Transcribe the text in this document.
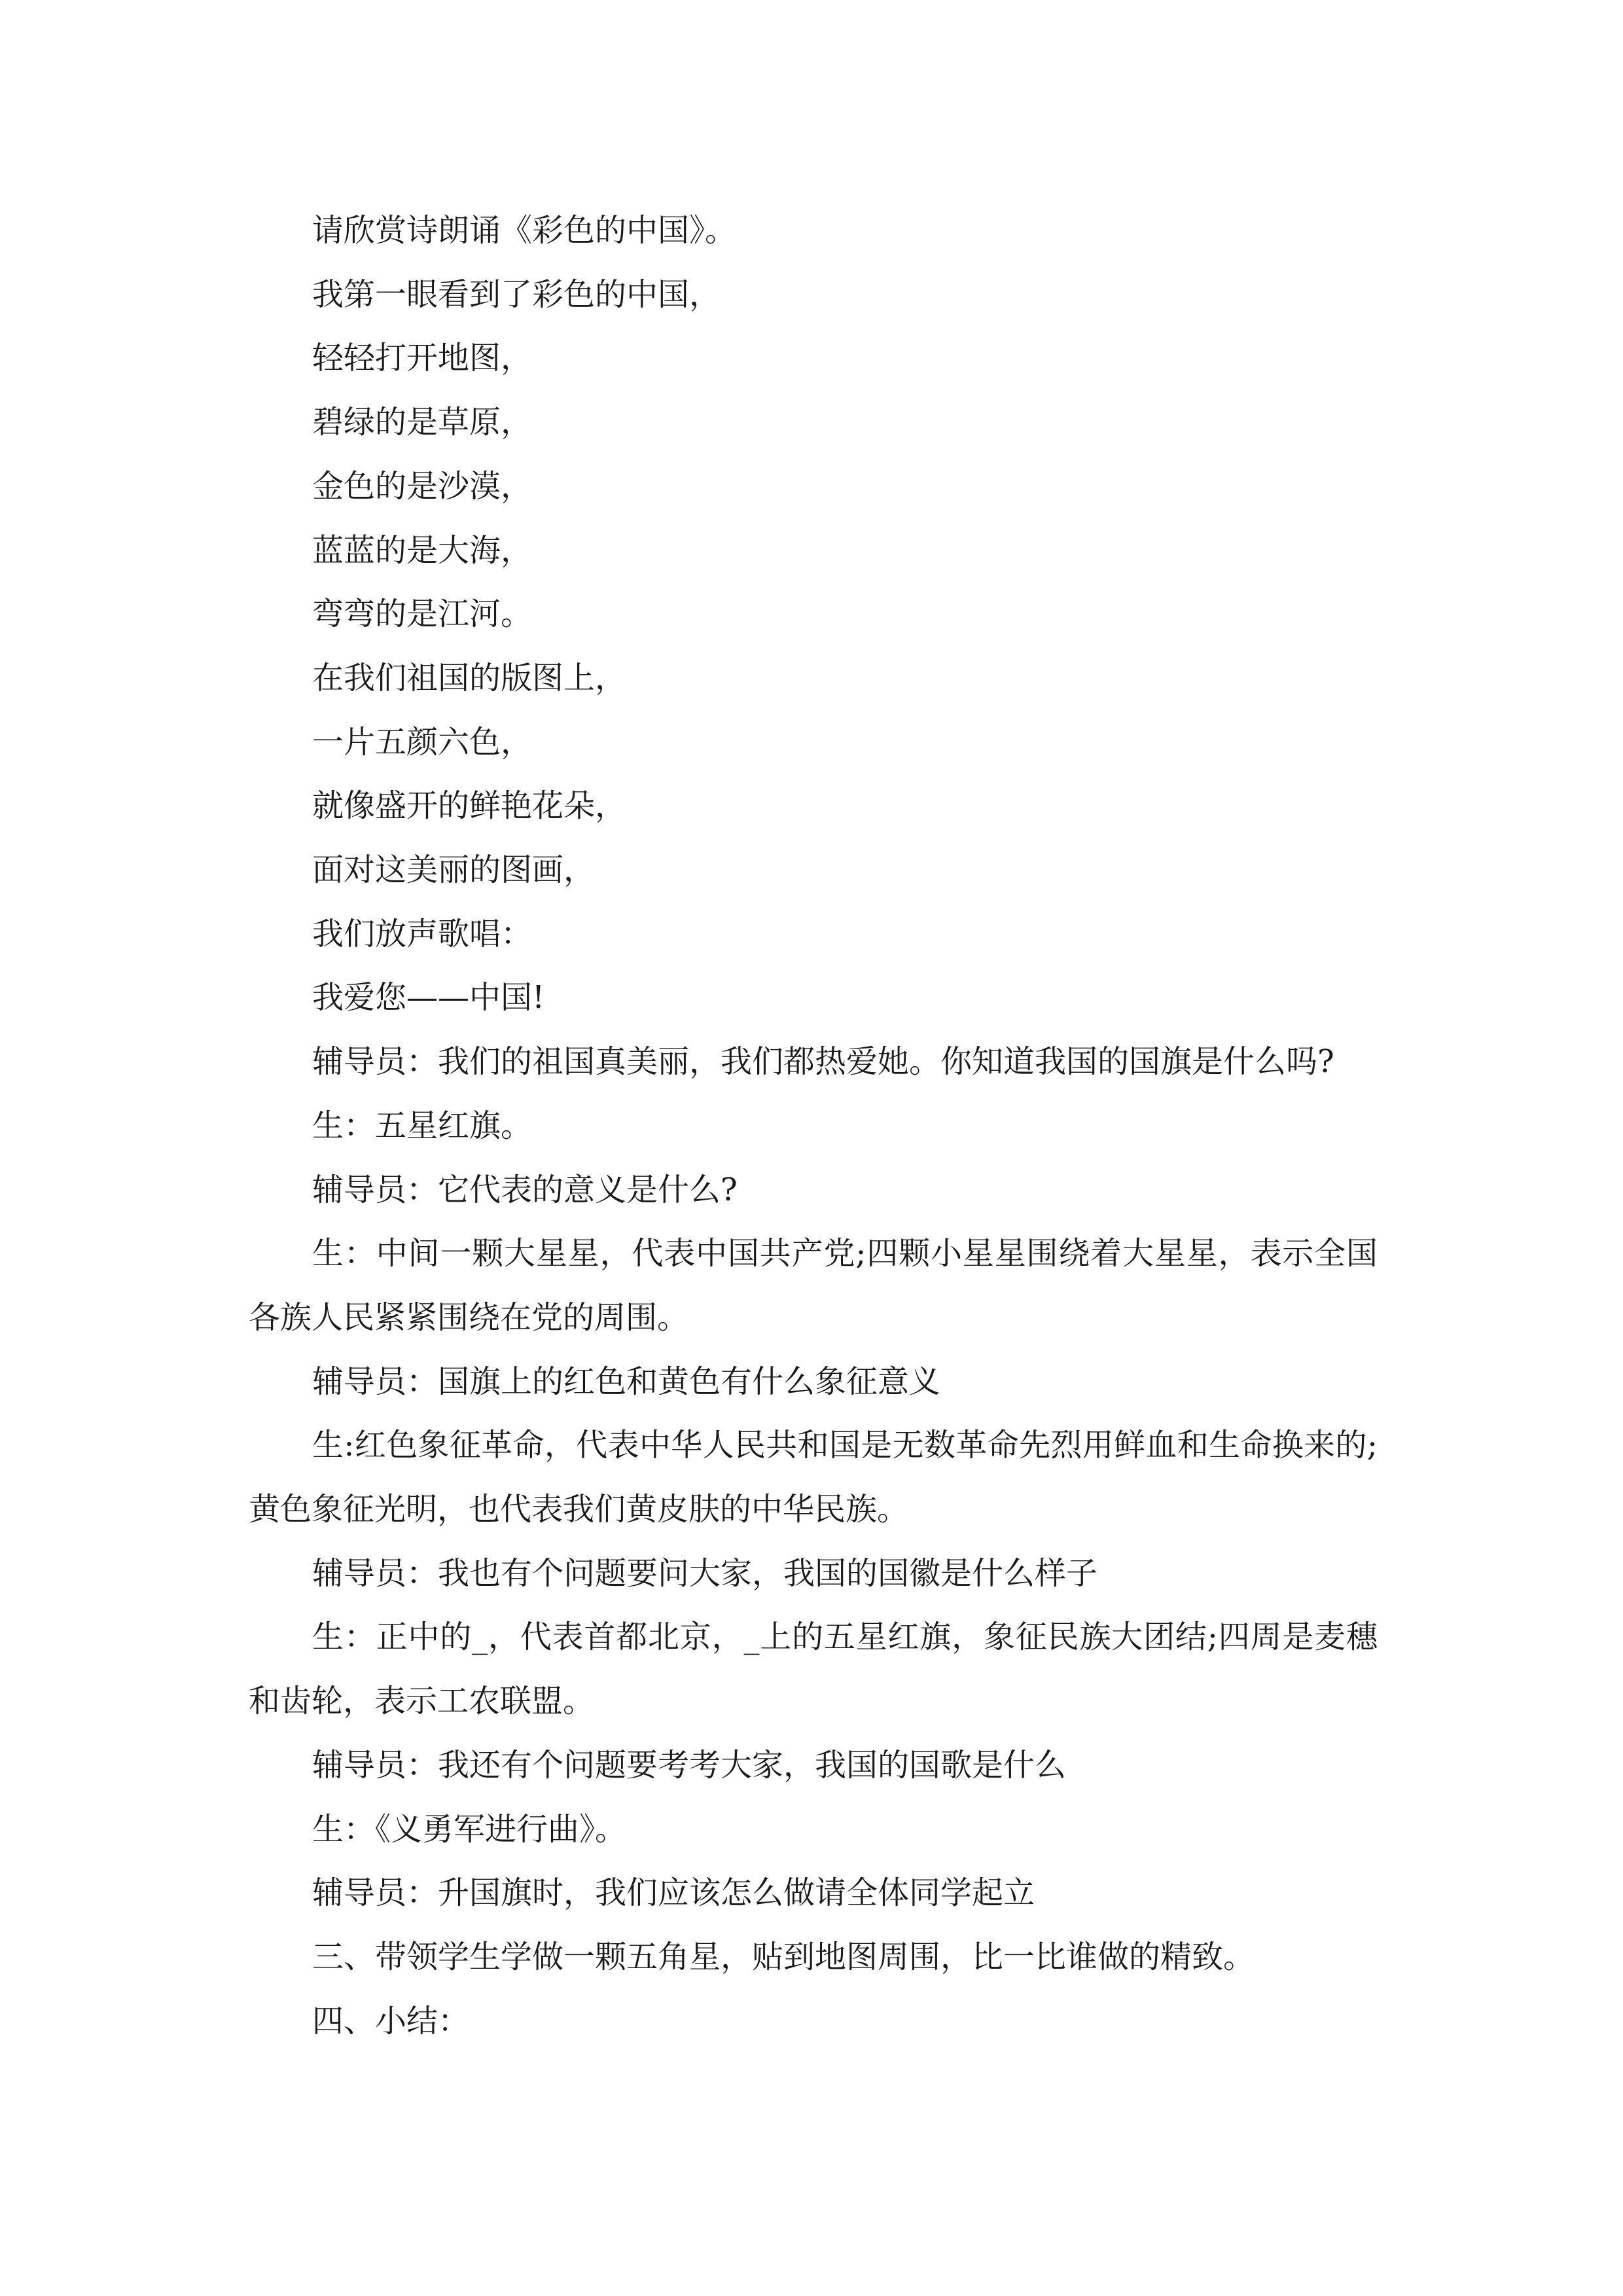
请欣赏诗朗诵《彩色的中国》。

我第一眼看到了彩色的中国，

轻轻打开地图，

碧绿的是草原，

金色的是沙漠，

蓝蓝的是大海，

弯弯的是江河。

在我们祖国的版图上，

一片五颜六色，

就像盛开的鲜艳花朵，

面对这美丽的图画，

我们放声歌唱：

我爱您——中国!

辅导员：我们的祖国真美丽，我们都热爱她。你知道我国的国旗是什么吗?

生：五星红旗。

辅导员：它代表的意义是什么?

生：中间一颗大星星，代表中国共产党;四颗小星星围绕着大星星，表示全国各族人民紧紧围绕在党的周围。

辅导员：国旗上的红色和黄色有什么象征意义

生:红色象征革命，代表中华人民共和国是无数革命先烈用鲜血和生命换来的;黄色象征光明，也代表我们黄皮肤的中华民族。

辅导员：我也有个问题要问大家，我国的国徽是什么样子

生：正中的_，代表首都北京，_上的五星红旗，象征民族大团结;四周是麦穗和齿轮，表示工农联盟。

辅导员：我还有个问题要考考大家，我国的国歌是什么

生：《义勇军进行曲》。

辅导员：升国旗时，我们应该怎么做请全体同学起立

三、带领学生学做一颗五角星，贴到地图周围，比一比谁做的精致。

四、小结：
